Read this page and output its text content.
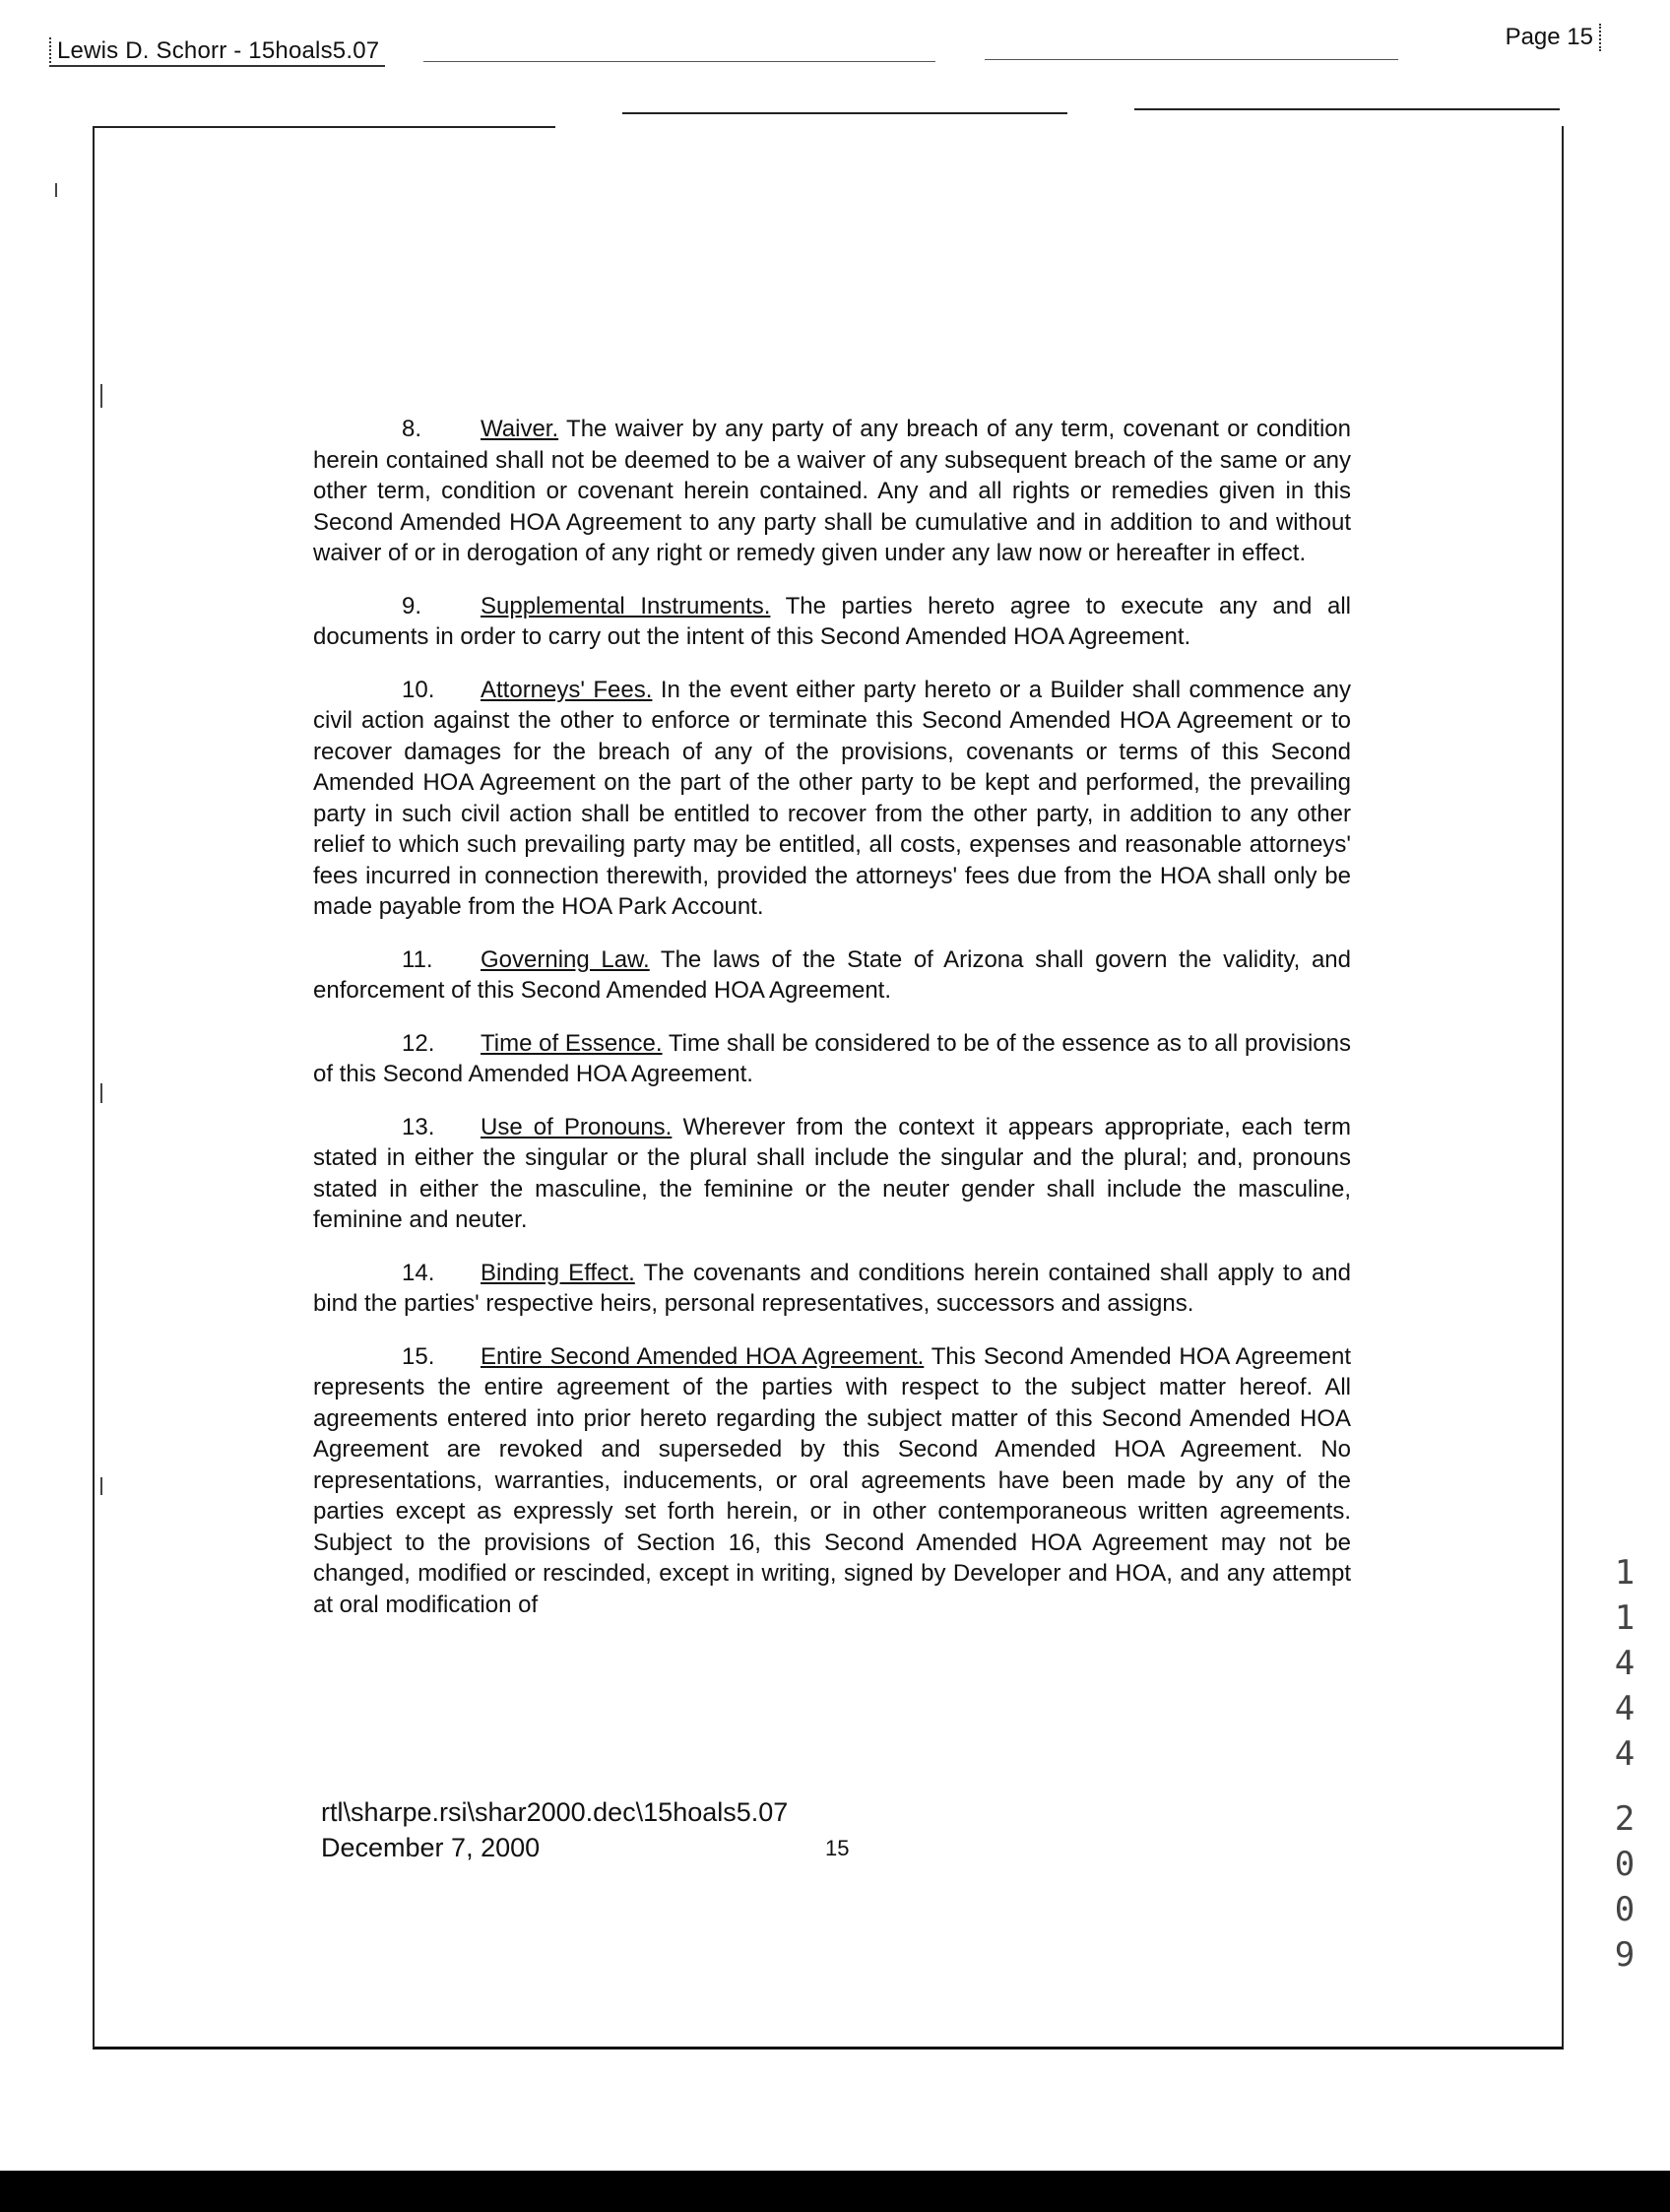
Lewis D. Schorr - 15hoals5.07
Page 15

8. Waiver. The waiver by any party of any breach of any term, covenant or condition herein contained shall not be deemed to be a waiver of any subsequent breach of the same or any other term, condition or covenant herein contained. Any and all rights or remedies given in this Second Amended HOA Agreement to any party shall be cumulative and in addition to and without waiver of or in derogation of any right or remedy given under any law now or hereafter in effect.

9. Supplemental Instruments. The parties hereto agree to execute any and all documents in order to carry out the intent of this Second Amended HOA Agreement.

10. Attorneys' Fees. In the event either party hereto or a Builder shall commence any civil action against the other to enforce or terminate this Second Amended HOA Agreement or to recover damages for the breach of any of the provisions, covenants or terms of this Second Amended HOA Agreement on the part of the other party to be kept and performed, the prevailing party in such civil action shall be entitled to recover from the other party, in addition to any other relief to which such prevailing party may be entitled, all costs, expenses and reasonable attorneys' fees incurred in connection therewith, provided the attorneys' fees due from the HOA shall only be made payable from the HOA Park Account.

11. Governing Law. The laws of the State of Arizona shall govern the validity, and enforcement of this Second Amended HOA Agreement.

12. Time of Essence. Time shall be considered to be of the essence as to all provisions of this Second Amended HOA Agreement.

13. Use of Pronouns. Wherever from the context it appears appropriate, each term stated in either the singular or the plural shall include the singular and the plural; and, pronouns stated in either the masculine, the feminine or the neuter gender shall include the masculine, feminine and neuter.

14. Binding Effect. The covenants and conditions herein contained shall apply to and bind the parties' respective heirs, personal representatives, successors and assigns.

15. Entire Second Amended HOA Agreement. This Second Amended HOA Agreement represents the entire agreement of the parties with respect to the subject matter hereof. All agreements entered into prior hereto regarding the subject matter of this Second Amended HOA Agreement are revoked and superseded by this Second Amended HOA Agreement. No representations, warranties, inducements, or oral agreements have been made by any of the parties except as expressly set forth herein, or in other contemporaneous written agreements. Subject to the provisions of Section 16, this Second Amended HOA Agreement may not be changed, modified or rescinded, except in writing, signed by Developer and HOA, and any attempt at oral modification of

rtl\sharpe.rsi\shar2000.dec\15hoals5.07
December 7, 2000	15
1
1
4
4
4
2
0
0
9
